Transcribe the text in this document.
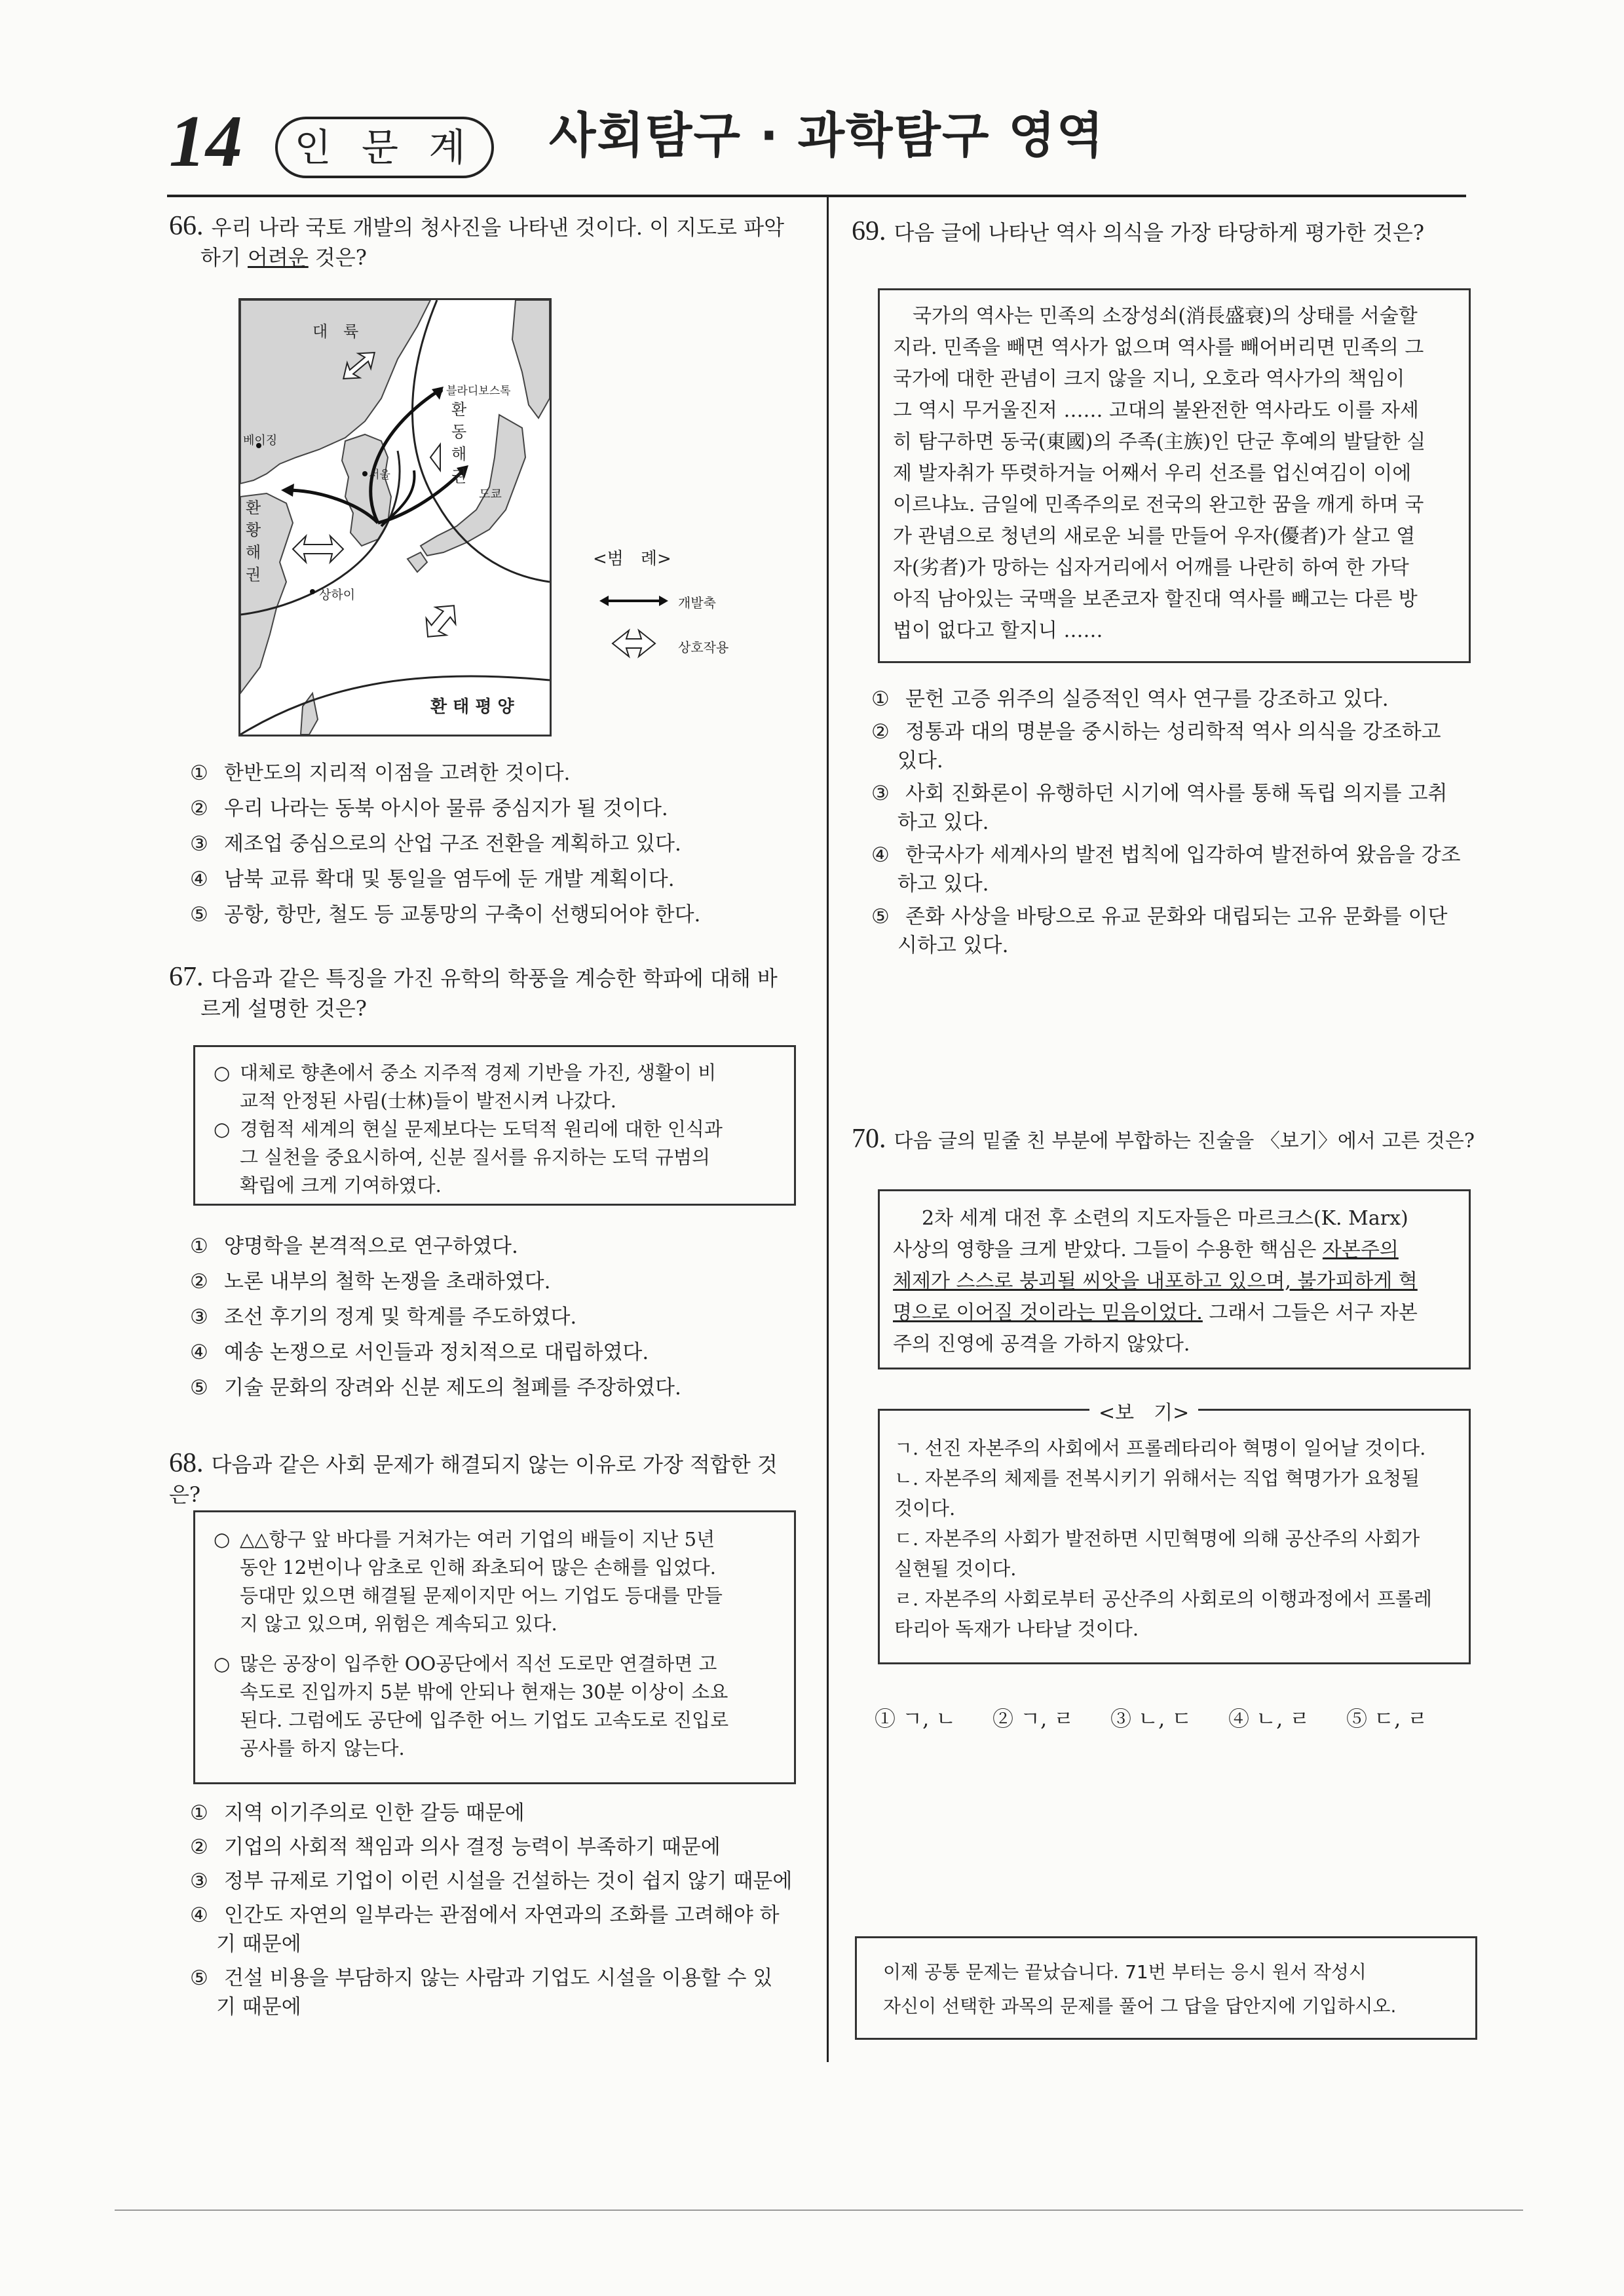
14	인 문 계	사회탐구 · 과학탐구 영역
66. 우리 나라 국토 개발의 청사진을 나타낸 것이다. 이 지도로 파악
하기 어려운 것은?
대　륙
블라디보스톡
베이징
서울
도쿄
상하이
환 동 해 권
환 황 해 권
환 태 평 양
<범　례>
개발축
상호작용
① 한반도의 지리적 이점을 고려한 것이다.
② 우리 나라는 동북 아시아 물류 중심지가 될 것이다.
③ 제조업 중심으로의 산업 구조 전환을 계획하고 있다.
④ 남북 교류 확대 및 통일을 염두에 둔 개발 계획이다.
⑤ 공항, 항만, 철도 등 교통망의 구축이 선행되어야 한다.
67. 다음과 같은 특징을 가진 유학의 학풍을 계승한 학파에 대해 바
르게 설명한 것은?
○ 대체로 향촌에서 중소 지주적 경제 기반을 가진, 생활이 비
교적 안정된 사림(士林)들이 발전시켜 나갔다.
○ 경험적 세계의 현실 문제보다는 도덕적 원리에 대한 인식과
그 실천을 중요시하여, 신분 질서를 유지하는 도덕 규범의
확립에 크게 기여하였다.
① 양명학을 본격적으로 연구하였다.
② 노론 내부의 철학 논쟁을 초래하였다.
③ 조선 후기의 정계 및 학계를 주도하였다.
④ 예송 논쟁으로 서인들과 정치적으로 대립하였다.
⑤ 기술 문화의 장려와 신분 제도의 철폐를 주장하였다.
68. 다음과 같은 사회 문제가 해결되지 않는 이유로 가장 적합한 것은?
○ △△항구 앞 바다를 거쳐가는 여러 기업의 배들이 지난 5년
동안 12번이나 암초로 인해 좌초되어 많은 손해를 입었다.
등대만 있으면 해결될 문제이지만 어느 기업도 등대를 만들
지 않고 있으며, 위험은 계속되고 있다.
○ 많은 공장이 입주한 OO공단에서 직선 도로만 연결하면 고
속도로 진입까지 5분 밖에 안되나 현재는 30분 이상이 소요
된다. 그럼에도 공단에 입주한 어느 기업도 고속도로 진입로
공사를 하지 않는다.
① 지역 이기주의로 인한 갈등 때문에
② 기업의 사회적 책임과 의사 결정 능력이 부족하기 때문에
③ 정부 규제로 기업이 이런 시설을 건설하는 것이 쉽지 않기 때문에
④ 인간도 자연의 일부라는 관점에서 자연과의 조화를 고려해야 하
기 때문에
⑤ 건설 비용을 부담하지 않는 사람과 기업도 시설을 이용할 수 있
기 때문에
69. 다음 글에 나타난 역사 의식을 가장 타당하게 평가한 것은?
국가의 역사는 민족의 소장성쇠(消長盛衰)의 상태를 서술할
지라. 민족을 빼면 역사가 없으며 역사를 빼어버리면 민족의 그
국가에 대한 관념이 크지 않을 지니, 오호라 역사가의 책임이
그 역시 무거울진저 …… 고대의 불완전한 역사라도 이를 자세
히 탐구하면 동국(東國)의 주족(主族)인 단군 후예의 발달한 실
제 발자취가 뚜렷하거늘 어째서 우리 선조를 업신여김이 이에
이르냐뇨. 금일에 민족주의로 전국의 완고한 꿈을 깨게 하며 국
가 관념으로 청년의 새로운 뇌를 만들어 우자(優者)가 살고 열
자(劣者)가 망하는 십자거리에서 어깨를 나란히 하여 한 가닥
아직 남아있는 국맥을 보존코자 할진대 역사를 빼고는 다른 방
법이 없다고 할지니 ……
① 문헌 고증 위주의 실증적인 역사 연구를 강조하고 있다.
② 정통과 대의 명분을 중시하는 성리학적 역사 의식을 강조하고
있다.
③ 사회 진화론이 유행하던 시기에 역사를 통해 독립 의지를 고취
하고 있다.
④ 한국사가 세계사의 발전 법칙에 입각하여 발전하여 왔음을 강조
하고 있다.
⑤ 존화 사상을 바탕으로 유교 문화와 대립되는 고유 문화를 이단
시하고 있다.
70. 다음 글의 밑줄 친 부분에 부합하는 진술을 〈보기〉에서 고른 것은?
2차 세계 대전 후 소련의 지도자들은 마르크스(K. Marx)
사상의 영향을 크게 받았다. 그들이 수용한 핵심은 자본주의
체제가 스스로 붕괴될 씨앗을 내포하고 있으며, 불가피하게 혁
명으로 이어질 것이라는 믿음이었다. 그래서 그들은 서구 자본
주의 진영에 공격을 가하지 않았다.
<보　기>
ㄱ. 선진 자본주의 사회에서 프롤레타리아 혁명이 일어날 것이다.
ㄴ. 자본주의 체제를 전복시키기 위해서는 직업 혁명가가 요청될
것이다.
ㄷ. 자본주의 사회가 발전하면 시민혁명에 의해 공산주의 사회가
실현될 것이다.
ㄹ. 자본주의 사회로부터 공산주의 사회로의 이행과정에서 프롤레
타리아 독재가 나타날 것이다.
① ㄱ, ㄴ ② ㄱ, ㄹ ③ ㄴ, ㄷ ④ ㄴ, ㄹ ⑤ ㄷ, ㄹ
이제 공통 문제는 끝났습니다. 71번 부터는 응시 원서 작성시
자신이 선택한 과목의 문제를 풀어 그 답을 답안지에 기입하시오.
